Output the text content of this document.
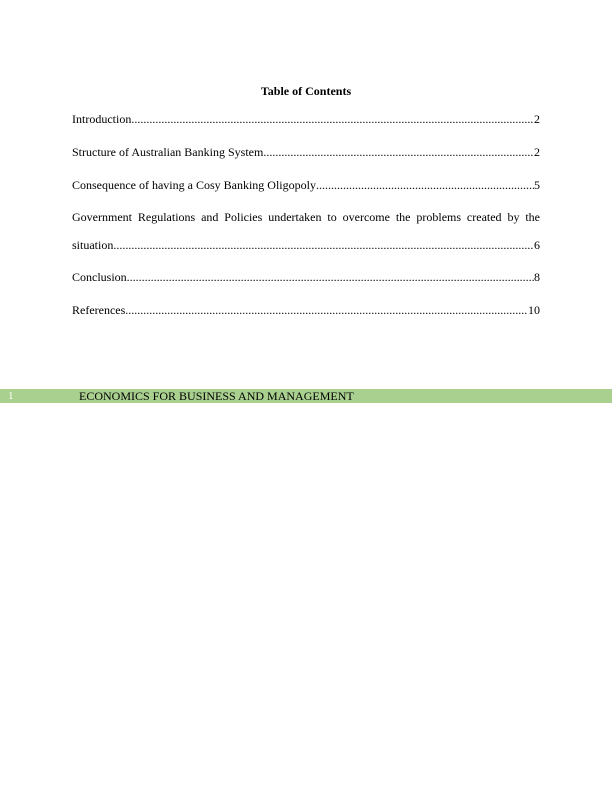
Table of Contents
Introduction .....	2
Structure of Australian Banking System .....	2
Consequence of having a Cosy Banking Oligopoly .....	5
Government Regulations and Policies undertaken to overcome the problems created by the
situation .....	6
Conclusion .....	8
References .....	10
1	ECONOMICS FOR BUSINESS AND MANAGEMENT
